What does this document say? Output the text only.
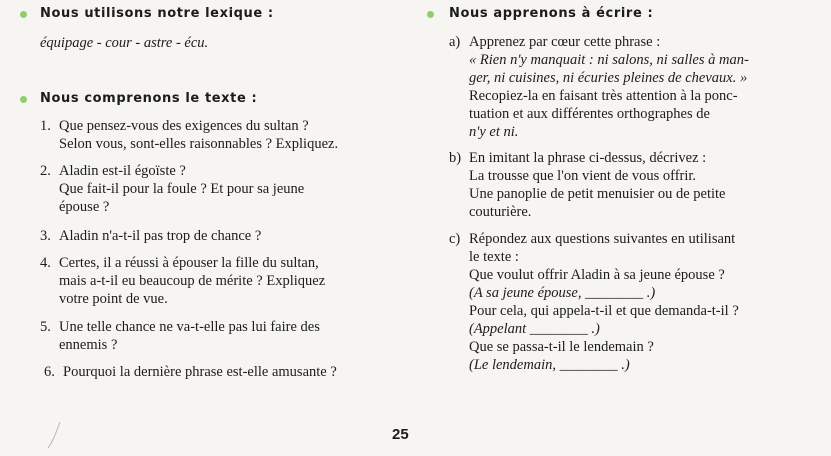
Nous utilisons notre lexique :
équipage - cour - astre - écu.
Nous comprenons le texte :
1. Que pensez-vous des exigences du sultan ?
Selon vous, sont-elles raisonnables ? Expliquez.
2. Aladin est-il égoïste ?
Que fait-il pour la foule ? Et pour sa jeune
épouse ?
3. Aladin n'a-t-il pas trop de chance ?
4. Certes, il a réussi à épouser la fille du sultan,
mais a-t-il eu beaucoup de mérite ? Expliquez
votre point de vue.
5. Une telle chance ne va-t-elle pas lui faire des
ennemis ?
6. Pourquoi la dernière phrase est-elle amusante ?
Nous apprenons à écrire :
a) Apprenez par cœur cette phrase :
« Rien n'y manquait : ni salons, ni salles à man-
ger, ni cuisines, ni écuries pleines de chevaux. »
Recopiez-la en faisant très attention à la ponc-
tuation et aux différentes orthographes de
n'y et ni.
b) En imitant la phrase ci-dessus, décrivez :
La trousse que l'on vient de vous offrir.
Une panoplie de petit menuisier ou de petite
couturière.
c) Répondez aux questions suivantes en utilisant
le texte :
Que voulut offrir Aladin à sa jeune épouse ?
(A sa jeune épouse, ________ .)
Pour cela, qui appela-t-il et que demanda-t-il ?
(Appelant ________ .)
Que se passa-t-il le lendemain ?
(Le lendemain, ________ .)
25
